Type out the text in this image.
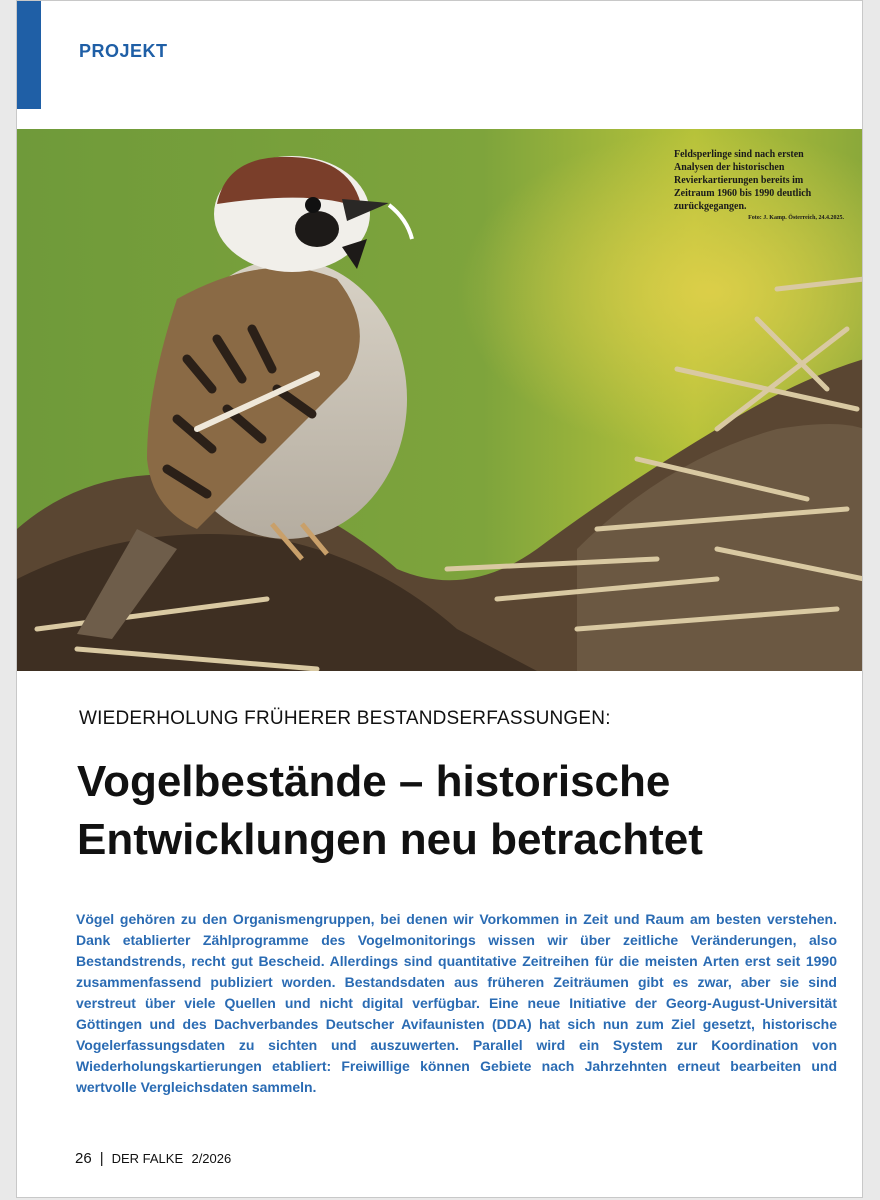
PROJEKT
Feldsperlinge sind nach ersten Analysen der historischen Revierkartierungen bereits im Zeitraum 1960 bis 1990 deutlich zurückgegangen.
Foto: J. Kamp. Österreich, 24.4.2025.
WIEDERHOLUNG FRÜHERER BESTANDSERFASSUNGEN:
Vogelbestände – historische
Entwicklungen neu betrachtet

Vögel gehören zu den Organismengruppen, bei denen wir Vorkommen in Zeit und Raum am besten verstehen. Dank etablierter Zählprogramme des Vogelmonitorings wissen wir über zeitliche Veränderungen, also Bestandstrends, recht gut Bescheid. Allerdings sind quantitative Zeitreihen für die meisten Arten erst seit 1990 zusammenfassend publiziert worden. Bestandsdaten aus früheren Zeiträumen gibt es zwar, aber sie sind verstreut über viele Quellen und nicht digital verfügbar. Eine neue Initiative der Georg-August-Universität Göttingen und des Dachverbandes Deutscher Avifaunisten (DDA) hat sich nun zum Ziel gesetzt, historische Vogelerfassungsdaten zu sichten und auszuwerten. Parallel wird ein System zur Koordination von Wiederholungskartierungen etabliert: Freiwillige können Gebiete nach Jahrzehnten erneut bearbeiten und wertvolle Vergleichsdaten sammeln.

26 | DER FALKE 2/2026
